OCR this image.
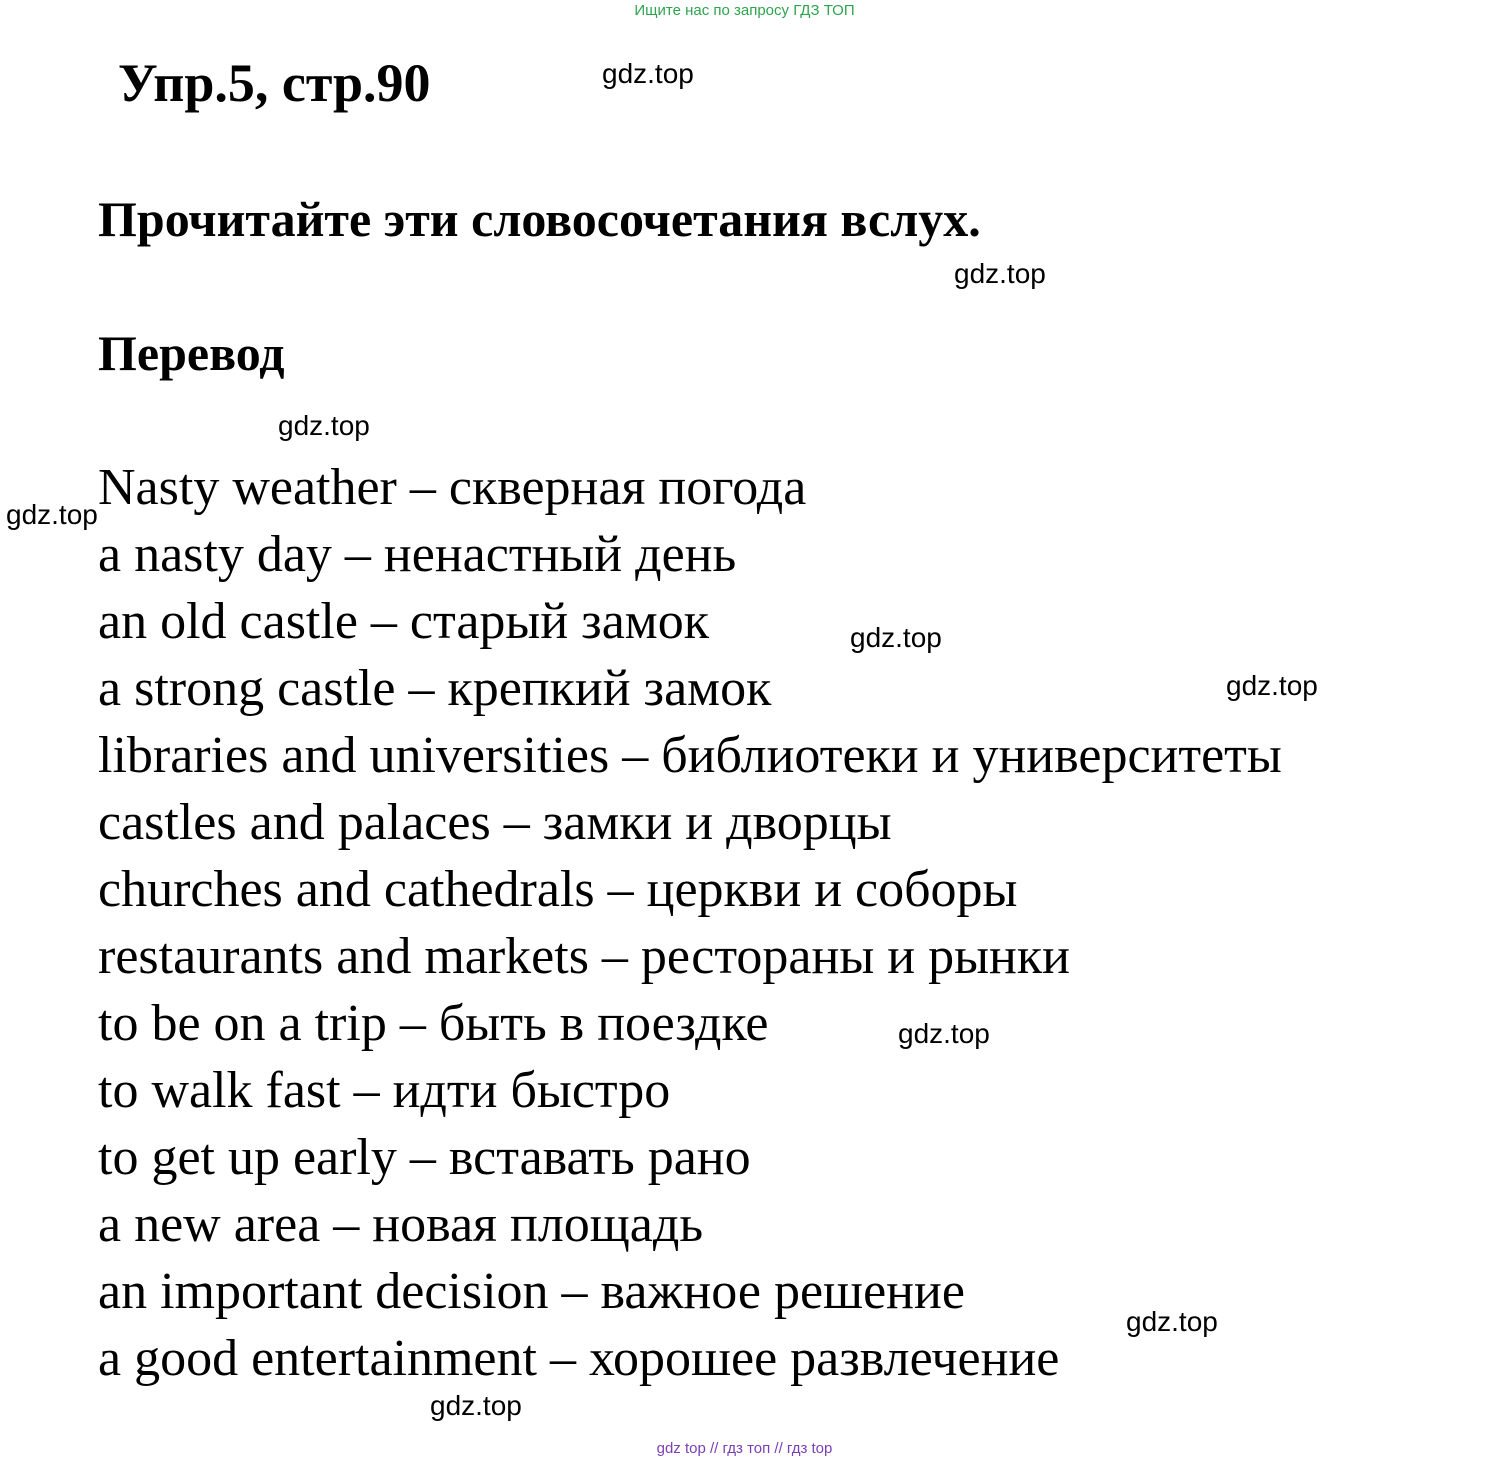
Ищите нас по запросу ГДЗ ТОП
Упр.5, стр.90
Прочитайте эти словосочетания вслух.
Перевод
Nasty weather – скверная погода
a nasty day – ненастный день
an old castle – старый замок
a strong castle – крепкий замок
libraries and universities – библиотеки и университеты
castles and palaces – замки и дворцы
churches and cathedrals – церкви и соборы
restaurants and markets – рестораны и рынки
to be on a trip – быть в поездке
to walk fast – идти быстро
to get up early – вставать рано
a new area – новая площадь
an important decision – важное решение
a good entertainment – хорошее развлечение
gdz.top
gdz.top
gdz.top
gdz.top
gdz.top
gdz.top
gdz.top
gdz.top
gdz.top
gdz top // гдз топ // гдз top
